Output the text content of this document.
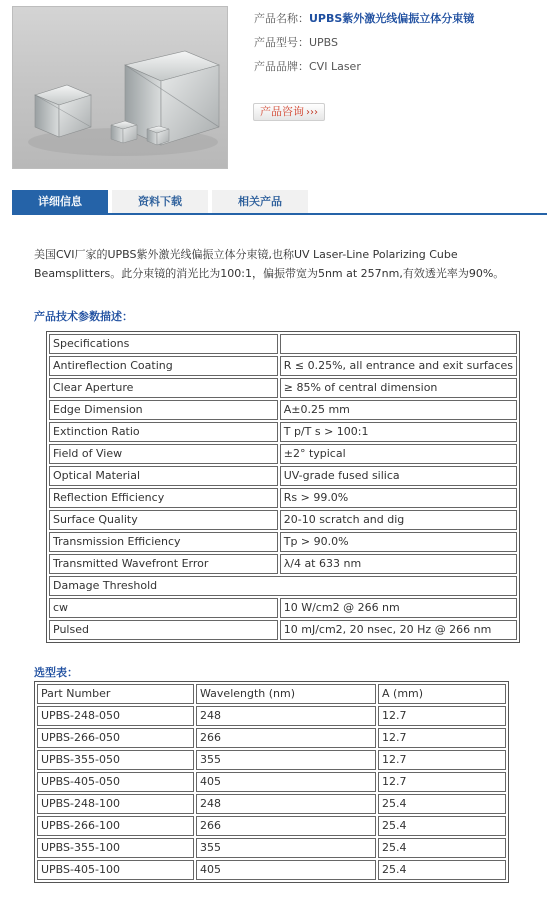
产品名称：UPBS紫外激光线偏振立体分束镜
产品型号：UPBS
产品品牌：CVI Laser
产品咨询 ›››
详细信息	资料下载	相关产品
美国CVI厂家的UPBS紫外激光线偏振立体分束镜,也称UV Laser-Line Polarizing Cube Beamsplitters。此分束镜的消光比为100:1，偏振带宽为5nm at 257nm,有效透光率为90%。
产品技术参数描述：
Specifications	
Antireflection Coating	R ≤ 0.25%, all entrance and exit surfaces
Clear Aperture	≥ 85% of central dimension
Edge Dimension	A±0.25 mm
Extinction Ratio	T p/T s > 100:1
Field of View	±2° typical
Optical Material	UV-grade fused silica
Reflection Efficiency	Rs > 99.0%
Surface Quality	20-10 scratch and dig
Transmission Efficiency	Tp > 90.0%
Transmitted Wavefront Error	λ/4 at 633 nm
Damage Threshold	
cw	10 W/cm2 @ 266 nm
Pulsed	10 mJ/cm2, 20 nsec, 20 Hz @ 266 nm
选型表：
Part Number	Wavelength (nm)	A (mm)
UPBS-248-050	248	12.7
UPBS-266-050	266	12.7
UPBS-355-050	355	12.7
UPBS-405-050	405	12.7
UPBS-248-100	248	25.4
UPBS-266-100	266	25.4
UPBS-355-100	355	25.4
UPBS-405-100	405	25.4
